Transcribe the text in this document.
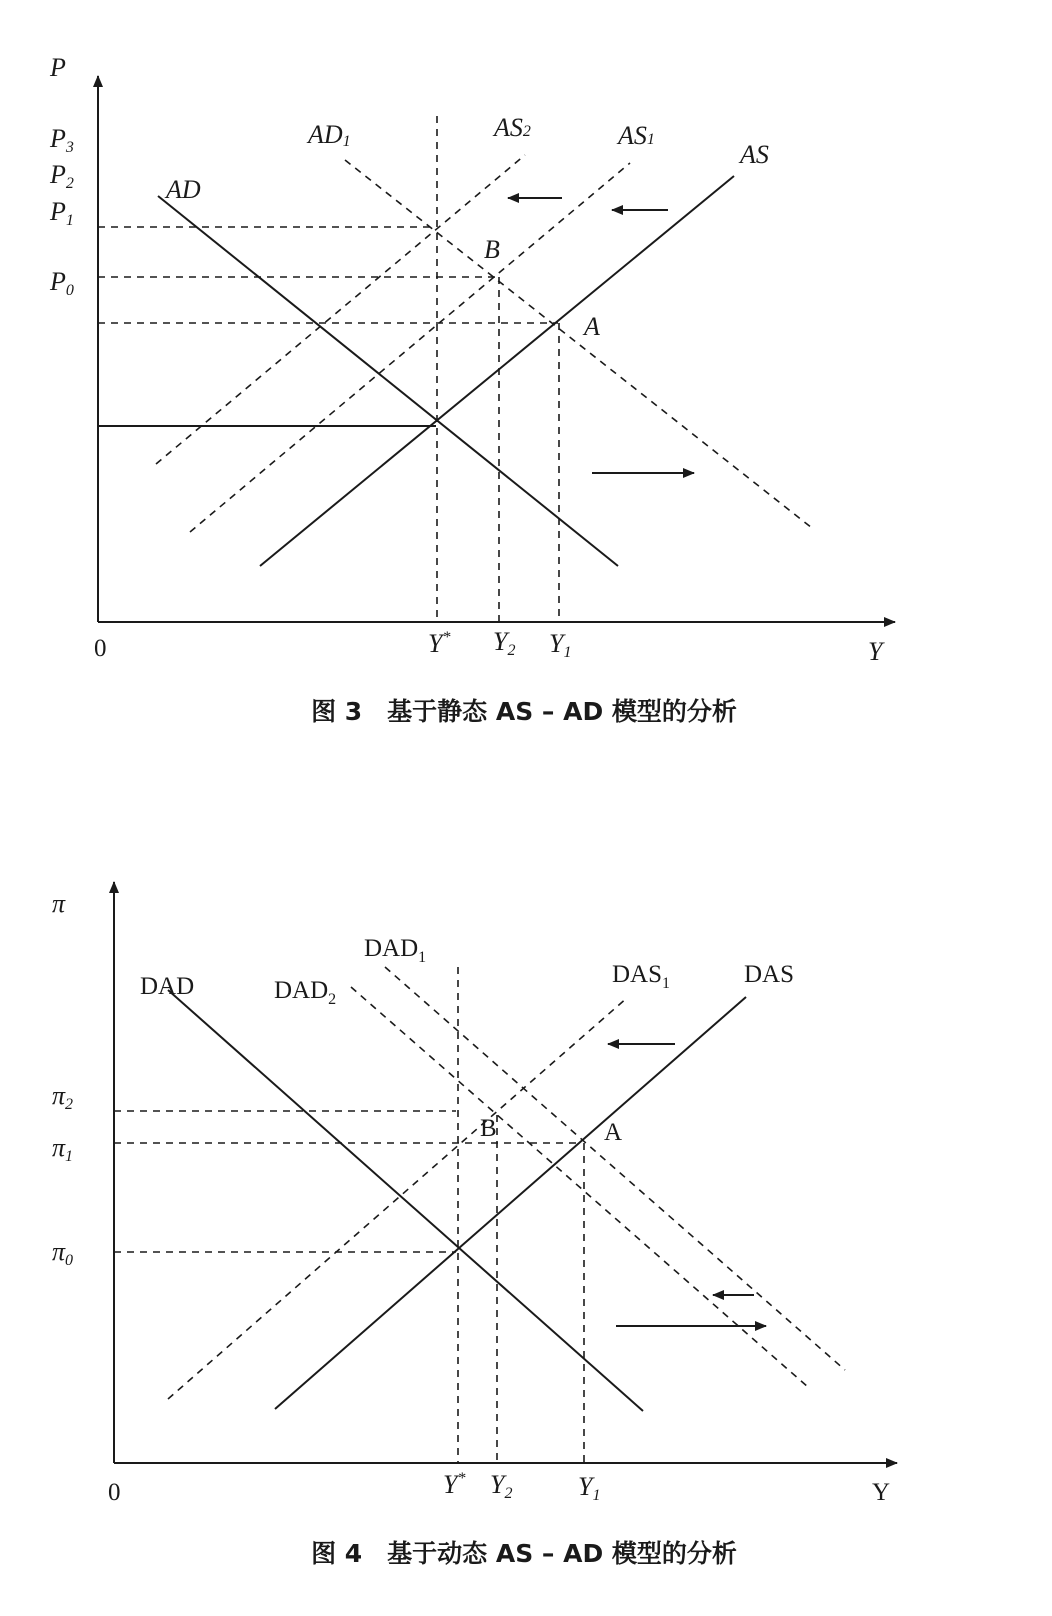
P
Y
0
P3
P2
P1
P0
Y* Y2 Y1
AD
AD1	AS2	AS1
AS
B
A
图 3　基于静态 AS – AD 模型的分析
π
Y
0
π2
π1
π0
Y* Y2	Y1
DAD
$DAD_1$
$DAD_2$
$DAS_1$	DAS
B	A
图 4　基于动态 AS – AD 模型的分析
